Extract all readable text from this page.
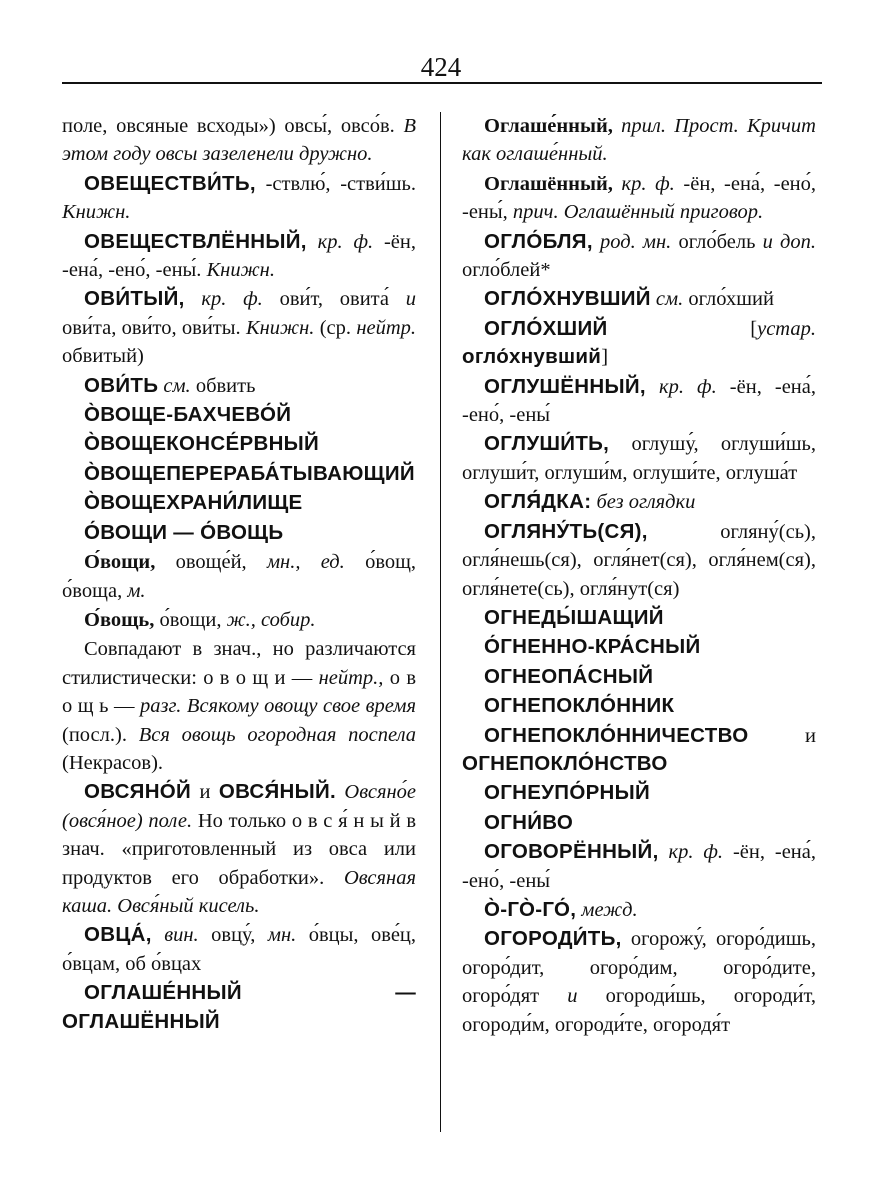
424

поле, овсяные всходы») овсы́, овсо́в. В этом году овсы зазеленели дружно.

ОВЕЩЕСТВИ́ТЬ, -ствлю́, -стви́шь. Книжн.

ОВЕЩЕСТВЛЁННЫЙ, кр. ф. -ён, -ена́, -ено́, -ены́. Книжн.

ОВИ́ТЫЙ, кр. ф. ови́т, овита́ и ови́та, ови́то, ови́ты. Книжн. (ср. нейтр. обвитый)

ОВИ́ТЬ см. обвить

О̀ВОЩЕ-БАХЧЕВО́Й

О̀ВОЩЕКОНСЕ́РВНЫЙ

О̀ВОЩЕПЕРЕРАБА́ТЫВАЮЩИЙ

О̀ВОЩЕХРАНИ́ЛИЩЕ

О́ВОЩИ — О́ВОЩЬ

О́вощи, овоще́й, мн., ед. о́вощ, о́вoща, м.

О́вощь, о́вощи, ж., собир.

Совпадают в знач., но различаются стилистически: о в о щ и — нейтр., о в о щ ь — разг. Всякому овощу свое время (посл.). Вся овощь огородная поспела (Некрасов).

ОВСЯНО́Й и ОВСЯ́НЫЙ. Овсяно́е (овся́ное) поле. Но только о в с я́ н ы й в знач. «приготовленный из овса или продуктов его обработки». Овсяная каша. Овся́ный кисель.

ОВЦА́, вин. овцу́, мн. о́вцы, ове́ц, о́вцам, об о́вцах

ОГЛАШЕ́ННЫЙ — ОГЛАШЁННЫЙ

Оглаше́нный, прил. Прост. Кричит как оглаше́нный.

Оглашённый, кр. ф. -ён, -ена́, -ено́, -ены́, прич. Оглашённый приговор.

ОГЛО́БЛЯ, род. мн. огло́бель и доп. огло́блей*

ОГЛО́ХНУВШИЙ см. огло́хший

ОГЛО́ХШИЙ	[устар. огло́хнувший]

ОГЛУШЁННЫЙ, кр. ф. -ён, -ена́, -ено́, -ены́

ОГЛУШИ́ТЬ, оглушу́, оглуши́шь, оглуши́т, оглуши́м, оглуши́те, оглуша́т

ОГЛЯ́ДКА: без оглядки

ОГЛЯНУ́ТЬ(СЯ),	огляну́(сь), огля́нешь(ся), огля́нет(ся), огля́нем(ся), огля́нете(сь), огля́нут(ся)

ОГНЕДЫ́ШАЩИЙ

О́ГНЕННО-КРА́СНЫЙ

ОГНЕОПА́СНЫЙ

ОГНЕПОКЛО́ННИК

ОГНЕПОКЛО́ННИЧЕСТВО	и ОГНЕПОКЛО́НСТВО

ОГНЕУПО́РНЫЙ

ОГНИ́ВО

ОГОВОРЁННЫЙ, кр. ф. -ён, -ена́, -ено́, -ены́

О̀-ГО̀-ГО́, межд.

ОГОРОДИ́ТЬ, огорожу́, огоро́дишь, огоро́дит, огоро́дим, огоро́дите, огоро́дят и огороди́шь, огороди́т, огороди́м, огороди́те, огородя́т
